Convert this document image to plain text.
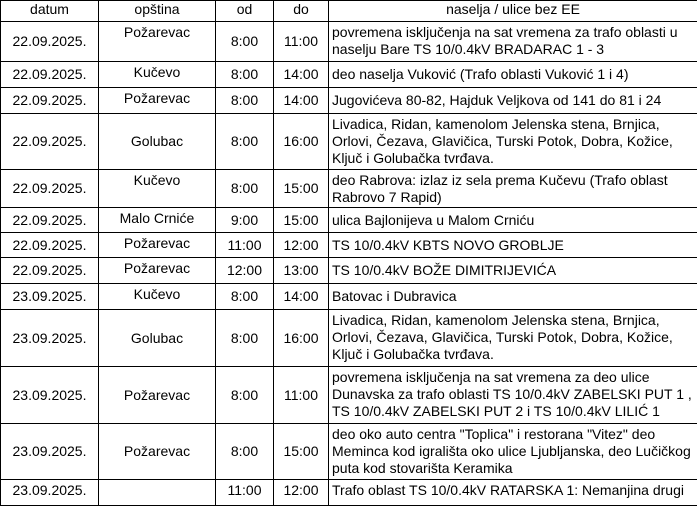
datum	opština	od	do	naselja / ulice bez EE
22.09.2025.	Požarevac	8:00	11:00	povremena isključenja na sat vremena za trafo oblasti u
naselju Bare TS 10/0.4kV BRADARAC 1 - 3
22.09.2025.	Kučevo	8:00	14:00	deo naselja Vuković (Trafo oblasti Vuković 1 i 4)
22.09.2025.	Požarevac	8:00	14:00	Jugovićeva 80-82, Hajduk Veljkova od 141 do 81 i 24
22.09.2025.	Golubac	8:00	16:00	Livadica, Ridan, kamenolom Jelenska stena, Brnjica,
Orlovi, Čezava, Glavičica, Turski Potok, Dobra, Kožice,
Ključ i Golubačka tvrđava.
22.09.2025.	Kučevo	8:00	15:00	deo Rabrova: izlaz iz sela prema Kučevu (Trafo oblast
Rabrovo 7 Rapid)
22.09.2025.	Malo Crniće	9:00	15:00	ulica Bajlonijeva u Malom Crniću
22.09.2025.	Požarevac	11:00	12:00	TS 10/0.4kV KBTS NOVO GROBLJE
22.09.2025.	Požarevac	12:00	13:00	TS 10/0.4kV BOŽE DIMITRIJEVIĆA
23.09.2025.	Kučevo	8:00	14:00	Batovac i Dubravica
23.09.2025.	Golubac	8:00	16:00	Livadica, Ridan, kamenolom Jelenska stena, Brnjica,
Orlovi, Čezava, Glavičica, Turski Potok, Dobra, Kožice,
Klјuč i Golubačka tvrđava.
23.09.2025.	Požarevac	8:00	11:00	povremena isključenja na sat vremena za deo ulice
Dunavska za trafo oblasti TS 10/0.4kV ZABELSKI PUT 1 ,
TS 10/0.4kV ZABELSKI PUT 2 i TS 10/0.4kV LILIĆ 1
23.09.2025.	Požarevac	8:00	15:00	deo oko auto centra "Toplica" i restorana "Vitez" deo
Meminca kod igrališta oko ulice Ljubljanska, deo Lučičkog
puta kod stovarišta Keramika
23.09.2025.		11:00	12:00	Trafo oblast TS 10/0.4kV RATARSKA 1: Nemanjina drugi
